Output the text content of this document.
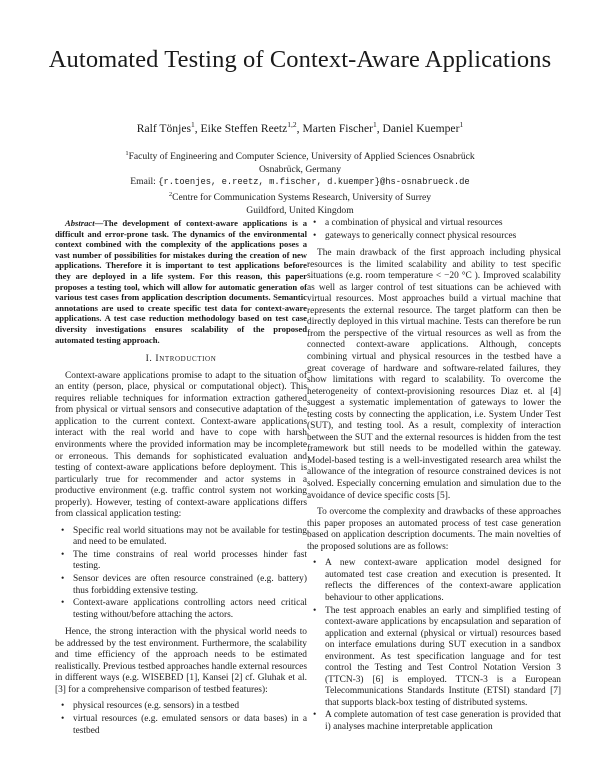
Automated Testing of Context-Aware Applications
Ralf Tönjes$^1$, Eike Steffen Reetz$^{1,2}$, Marten Fischer$^1$, Daniel Kuemper$^1$
$^1$Faculty of Engineering and Computer Science, University of Applied Sciences Osnabrück
Osnabrück, Germany
Email: {r.toenjes, e.reetz, m.fischer, d.kuemper}@hs-osnabrueck.de
$^2$Centre for Communication Systems Research, University of Surrey
Guildford, United Kingdom

Abstract—The development of context-aware applications is a difficult and error-prone task. The dynamics of the environmental context combined with the complexity of the applications poses a vast number of possibilities for mistakes during the creation of new applications. Therefore it is important to test applications before they are deployed in a life system. For this reason, this paper proposes a testing tool, which will allow for automatic generation of various test cases from application description documents. Semantic annotations are used to create specific test data for context-aware applications. A test case reduction methodology based on test case diversity investigations ensures scalability of the proposed automated testing approach.

I. Introduction

Context-aware applications promise to adapt to the situation of an entity (person, place, physical or computational object). This requires reliable techniques for information extraction gathered from physical or virtual sensors and consecutive adaptation of the application to the current context. Context-aware applications interact with the real world and have to cope with harsh environments where the provided information may be incomplete or erroneous. This demands for sophisticated evaluation and testing of context-aware applications before deployment. This is particularly true for recommender and actor systems in a productive environment (e.g. traffic control system not working properly). However, testing of context-aware applications differs from classical application testing:

• Specific real world situations may not be available for testing and need to be emulated.
• The time constrains of real world processes hinder fast testing.
• Sensor devices are often resource constrained (e.g. battery) thus forbidding extensive testing.
• Context-aware applications controlling actors need critical testing without/before attaching the actors.

Hence, the strong interaction with the physical world needs to be addressed by the test environment. Furthermore, the scalability and time efficiency of the approach needs to be estimated realistically. Previous testbed approaches handle external resources in different ways (e.g. WISEBED [1], Kansei [2] cf. Gluhak et al. [3] for a comprehensive comparison of testbed features):

• physical resources (e.g. sensors) in a testbed
• virtual resources (e.g. emulated sensors or data bases) in a testbed
• a combination of physical and virtual resources
• gateways to generically connect physical resources

The main drawback of the first approach including physical resources is the limited scalability and ability to test specific situations (e.g. room temperature < −20 °C ). Improved scalability as well as larger control of test situations can be achieved with virtual resources. Most approaches build a virtual machine that represents the external resource. The target platform can then be directly deployed in this virtual machine. Tests can therefore be run from the perspective of the virtual resources as well as from the connected context-aware applications. Although, concepts combining virtual and physical resources in the testbed have a great coverage of hardware and software-related failures, they show limitations with regard to scalability. To overcome the heterogeneity of context-provisioning resources Diaz et. al [4] suggest a systematic implementation of gateways to lower the testing costs by connecting the application, i.e. System Under Test (SUT), and testing tool. As a result, complexity of interaction between the SUT and the external resources is hidden from the test framework but still needs to be modelled within the gateway. Model-based testing is a well-investigated research area whilst the allowance of the integration of resource constrained devices is not solved. Especially concerning emulation and simulation due to the avoidance of device specific costs [5].

To overcome the complexity and drawbacks of these approaches this paper proposes an automated process of test case generation based on application description documents. The main novelties of the proposed solutions are as follows:

• A new context-aware application model designed for automated test case creation and execution is presented. It reflects the differences of the context-aware application behaviour to other applications.
• The test approach enables an early and simplified testing of context-aware applications by encapsulation and separation of application and external (physical or virtual) resources based on interface emulations during SUT execution in a sandbox environment. As test specification language and for test control the Testing and Test Control Notation Version 3 (TTCN-3) [6] is employed. TTCN-3 is a European Telecommunications Standards Institute (ETSI) standard [7] that supports black-box testing of distributed systems.
• A complete automation of test case generation is provided that i) analyses machine interpretable application
